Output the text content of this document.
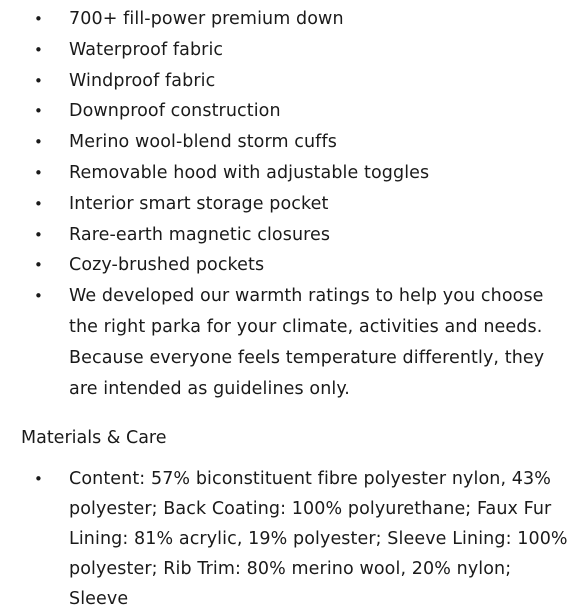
• 700+ fill-power premium down
• Waterproof fabric
• Windproof fabric
• Downproof construction
• Merino wool-blend storm cuffs
• Removable hood with adjustable toggles
• Interior smart storage pocket
• Rare-earth magnetic closures
• Cozy-brushed pockets
• We developed our warmth ratings to help you choose the right parka for your climate, activities and needs. Because everyone feels temperature differently, they are intended as guidelines only.
Materials & Care
• Content: 57% biconstituent fibre polyester nylon, 43% polyester; Back Coating: 100% polyurethane; Faux Fur Lining: 81% acrylic, 19% polyester; Sleeve Lining: 100% polyester; Rib Trim: 80% merino wool, 20% nylon; Sleeve
